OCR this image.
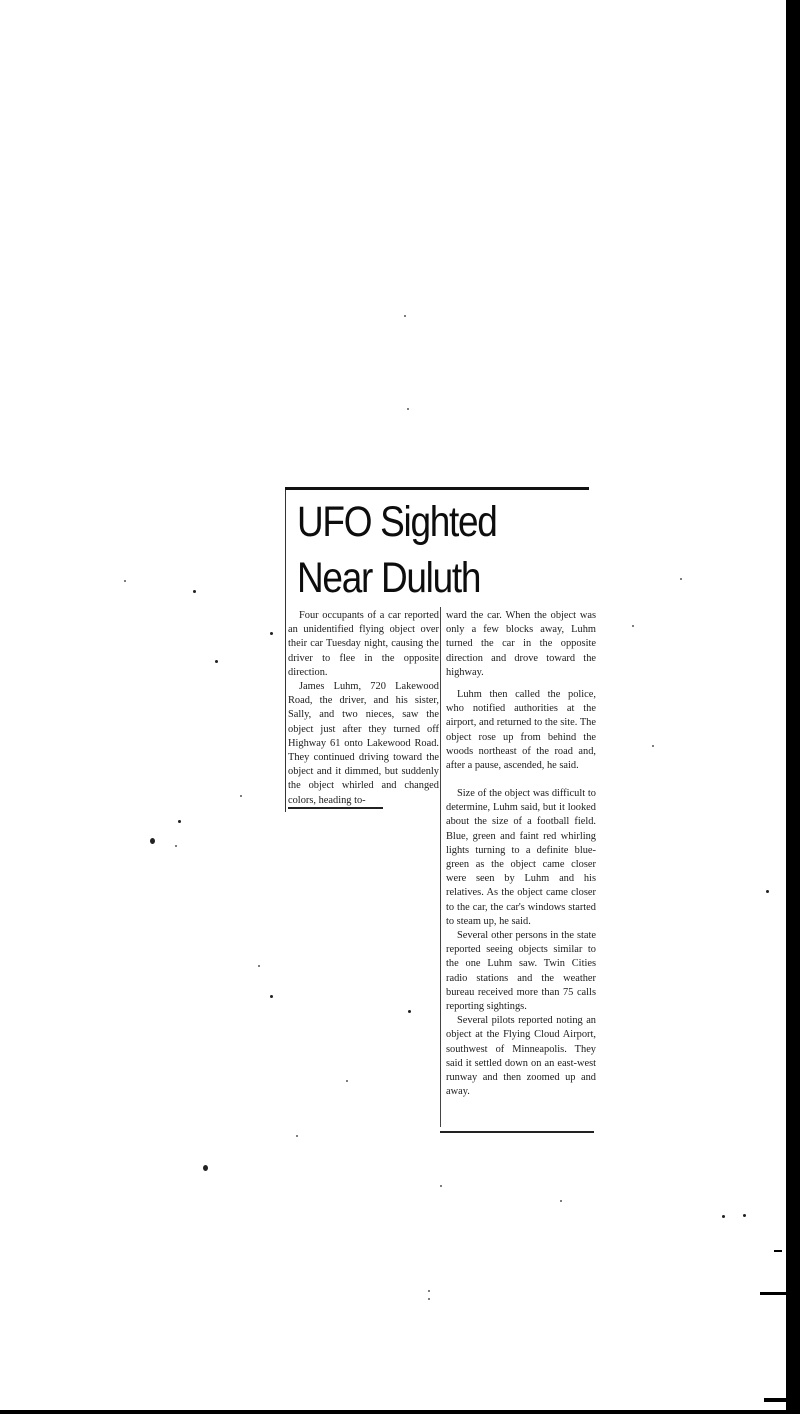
UFO Sighted
Near Duluth

Four occupants of a car reported an unidentified flying object over their car Tuesday night, causing the driver to flee in the opposite direction.

James Luhm, 720 Lakewood Road, the driver, and his sister, Sally, and two nieces, saw the object just after they turned off Highway 61 onto Lakewood Road. They continued driving toward the object and it dimmed, but suddenly the object whirled and changed colors, heading to-

ward the car. When the object was only a few blocks away, Luhm turned the car in the opposite direction and drove toward the highway.

Luhm then called the police, who notified authorities at the airport, and returned to the site. The object rose up from behind the woods northeast of the road and, after a pause, ascended, he said.

Size of the object was difficult to determine, Luhm said, but it looked about the size of a football field. Blue, green and faint red whirling lights turning to a definite blue-green as the object came closer were seen by Luhm and his relatives. As the object came closer to the car, the car's windows started to steam up, he said.

Several other persons in the state reported seeing objects similar to the one Luhm saw. Twin Cities radio stations and the weather bureau received more than 75 calls reporting sightings.

Several pilots reported noting an object at the Flying Cloud Airport, southwest of Minneapolis. They said it settled down on an east-west runway and then zoomed up and away.
